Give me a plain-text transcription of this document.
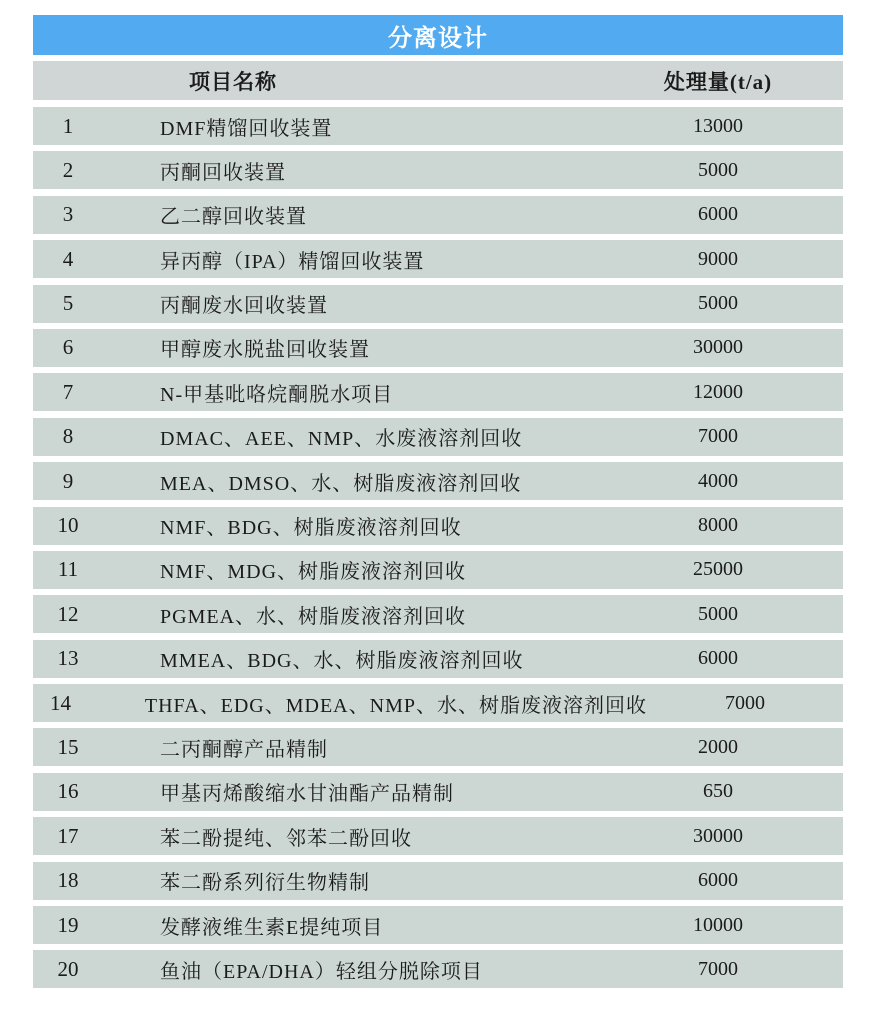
分离设计
项目名称	处理量(t/a)
1	DMF精馏回收装置	13000
2	丙酮回收装置	5000
3	乙二醇回收装置	6000
4	异丙醇（IPA）精馏回收装置	9000
5	丙酮废水回收装置	5000
6	甲醇废水脱盐回收装置	30000
7	N-甲基吡咯烷酮脱水项目	12000
8	DMAC、AEE、NMP、水废液溶剂回收	7000
9	MEA、DMSO、水、树脂废液溶剂回收	4000
10	NMF、BDG、树脂废液溶剂回收	8000
11	NMF、MDG、树脂废液溶剂回收	25000
12	PGMEA、水、树脂废液溶剂回收	5000
13	MMEA、BDG、水、树脂废液溶剂回收	6000
14	THFA、EDG、MDEA、NMP、水、树脂废液溶剂回收	7000
15	二丙酮醇产品精制	2000
16	甲基丙烯酸缩水甘油酯产品精制	650
17	苯二酚提纯、邻苯二酚回收	30000
18	苯二酚系列衍生物精制	6000
19	发酵液维生素E提纯项目	10000
20	鱼油（EPA/DHA）轻组分脱除项目	7000
